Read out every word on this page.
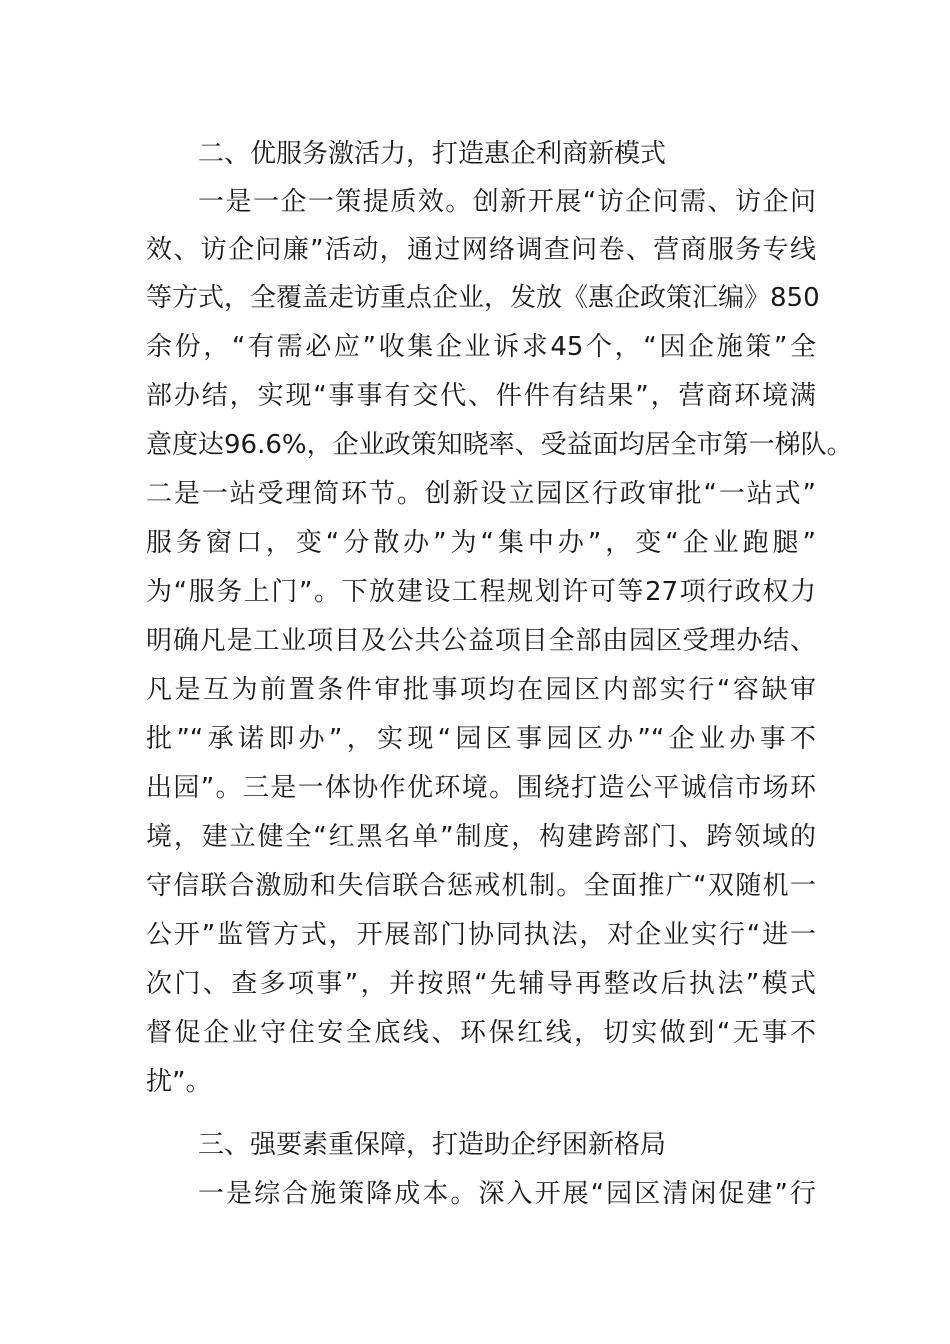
二、优服务激活力，打造惠企利商新模式
一是一企一策提质效。创新开展“访企问需、访企问
效、访企问廉”活动，通过网络调查问卷、营商服务专线
等方式，全覆盖走访重点企业，发放《惠企政策汇编》850
余份，“有需必应”收集企业诉求45个，“因企施策”全
部办结，实现“事事有交代、件件有结果”，营商环境满
意度达96.6%，企业政策知晓率、受益面均居全市第一梯队。
二是一站受理简环节。创新设立园区行政审批“一站式”
服务窗口，变“分散办”为“集中办”，变“企业跑腿”
为“服务上门”。下放建设工程规划许可等27项行政权力
明确凡是工业项目及公共公益项目全部由园区受理办结、
凡是互为前置条件审批事项均在园区内部实行“容缺审
批”“承诺即办”，实现“园区事园区办”“企业办事不
出园”。三是一体协作优环境。围绕打造公平诚信市场环
境，建立健全“红黑名单”制度，构建跨部门、跨领域的
守信联合激励和失信联合惩戒机制。全面推广“双随机一
公开”监管方式，开展部门协同执法，对企业实行“进一
次门、查多项事”，并按照“先辅导再整改后执法”模式
督促企业守住安全底线、环保红线，切实做到“无事不
扰”。
三、强要素重保障，打造助企纾困新格局
一是综合施策降成本。深入开展“园区清闲促建”行
